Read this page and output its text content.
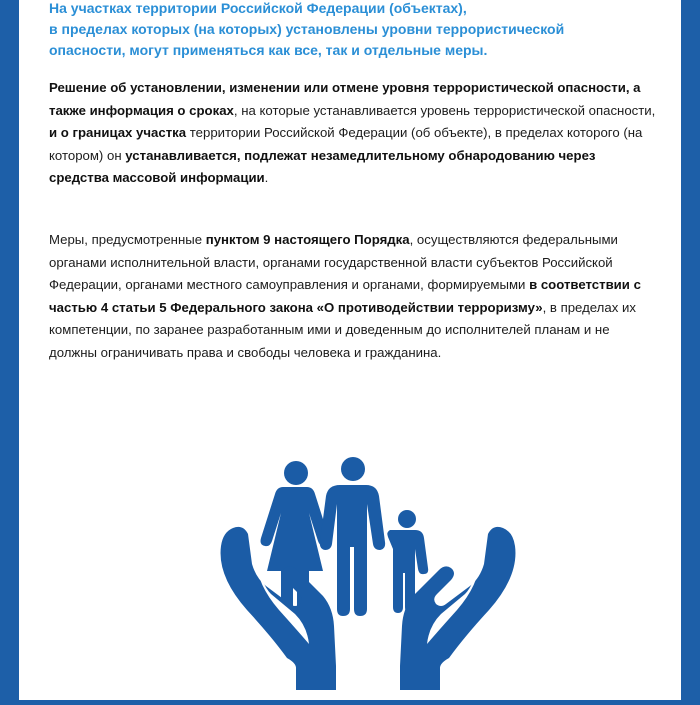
На участках территории Российской Федерации (объектах),
в пределах которых (на которых) установлены уровни террористической
опасности, могут применяться как все, так и отдельные меры.

Решение об установлении, изменении или отмене уровня террористической опасности, а также информация о сроках, на которые устанавливается уровень террористической опасности, и о границах участка территории Российской Федерации (об объекте), в пределах которого (на котором) он устанавливается, подлежат незамедлительному обнародованию через средства массовой информации.

Меры, предусмотренные пунктом 9 настоящего Порядка, осуществляются федеральными органами исполнительной власти, органами государственной власти субъектов Российской Федерации, органами местного самоуправления и органами, формируемыми в соответствии с частью 4 статьи 5 Федерального закона «О противодействии терроризму», в пределах их компетенции, по заранее разработанным ими и доведенным до исполнителей планам и не должны ограничивать права и свободы человека и гражданина.
